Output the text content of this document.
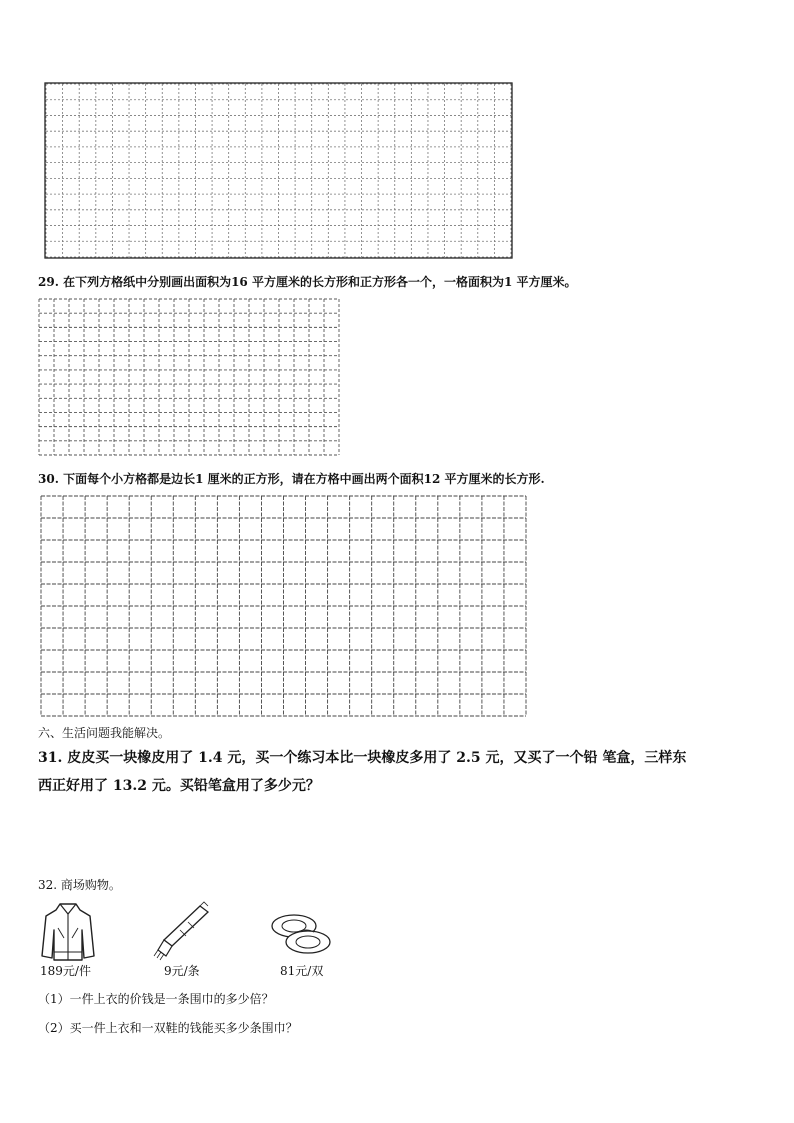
29. 在下列方格纸中分别画出面积为16 平方厘米的长方形和正方形各一个，一格面积为1 平方厘米。
30. 下面每个小方格都是边长1 厘米的正方形，请在方格中画出两个面积12 平方厘米的长方形.
六、生活问题我能解决。
31. 皮皮买一块橡皮用了 1.4 元，买一个练习本比一块橡皮多用了 2.5 元，又买了一个铅 笔盒，三样东
西正好用了 13.2 元。买铅笔盒用了多少元？
32. 商场购物。
189元/件	9元/条	81元/双
（1）一件上衣的价钱是一条围巾的多少倍？
（2）买一件上衣和一双鞋的钱能买多少条围巾？
